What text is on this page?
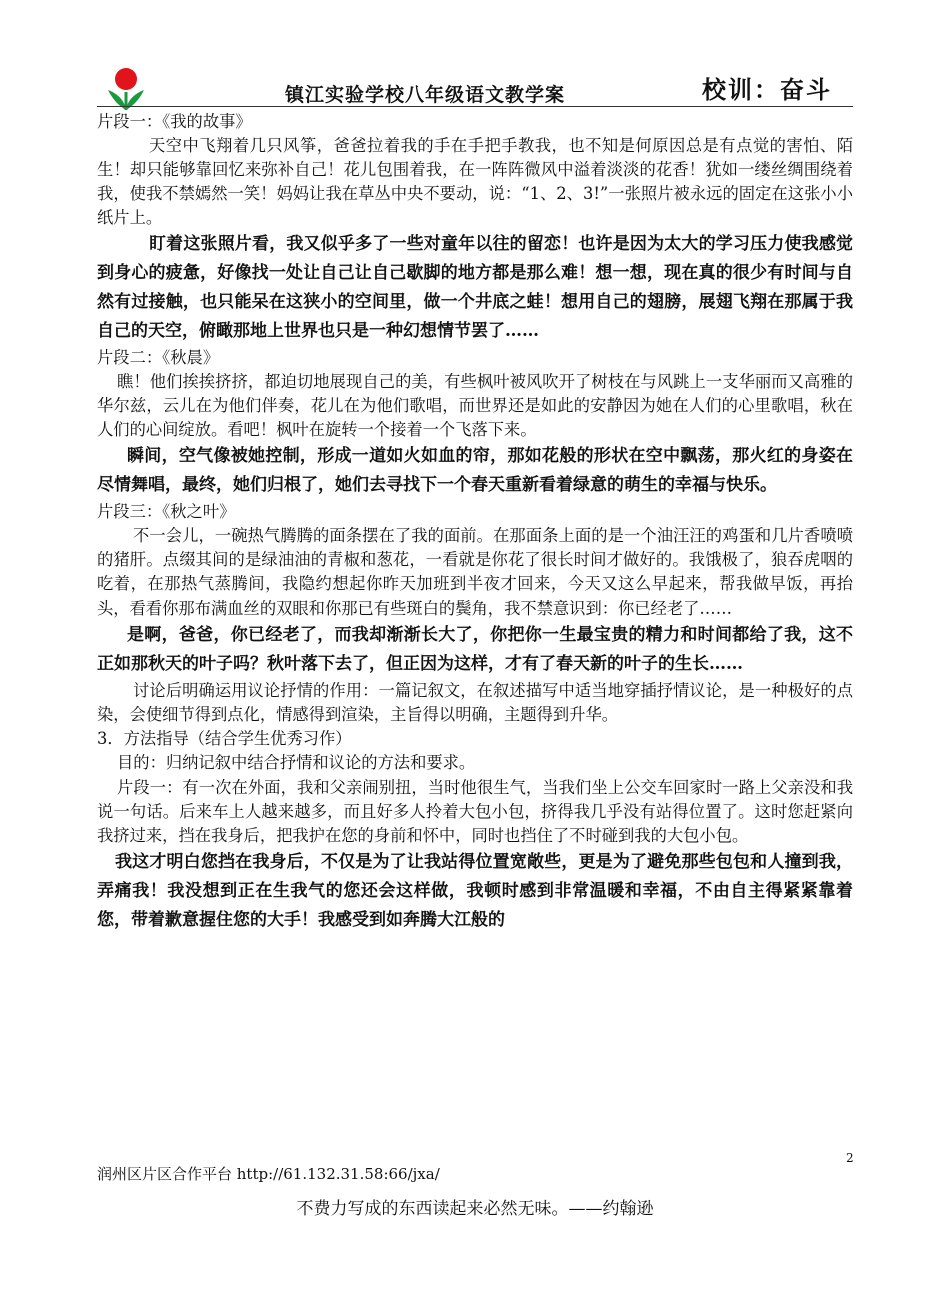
镇江实验学校八年级语文教学案	校训：奋斗

片段一：《我的故事》

天空中飞翔着几只风筝，爸爸拉着我的手在手把手教我，也不知是何原因总是有点觉的害怕、陌生！却只能够靠回忆来弥补自己！花儿包围着我，在一阵阵微风中溢着淡淡的花香！犹如一缕丝绸围绕着我，使我不禁嫣然一笑！妈妈让我在草丛中央不要动，说：“1、2、3!”一张照片被永远的固定在这张小小纸片上。

盯着这张照片看，我又似乎多了一些对童年以往的留恋！也许是因为太大的学习压力使我感觉到身心的疲惫，好像找一处让自己让自己歇脚的地方都是那么难！想一想，现在真的很少有时间与自然有过接触，也只能呆在这狭小的空间里，做一个井底之蛙！想用自己的翅膀，展翅飞翔在那属于我自己的天空，俯瞰那地上世界也只是一种幻想情节罢了……

片段二：《秋晨》

瞧！他们挨挨挤挤，都迫切地展现自己的美，有些枫叶被风吹开了树枝在与风跳上一支华丽而又高雅的华尔兹，云儿在为他们伴奏，花儿在为他们歌唱，而世界还是如此的安静因为她在人们的心里歌唱，秋在人们的心间绽放。看吧！枫叶在旋转一个接着一个飞落下来。

瞬间，空气像被她控制，形成一道如火如血的帘，那如花般的形状在空中飘荡，那火红的身姿在尽情舞唱，最终，她们归根了，她们去寻找下一个春天重新看着绿意的萌生的幸福与快乐。

片段三：《秋之叶》

不一会儿，一碗热气腾腾的面条摆在了我的面前。在那面条上面的是一个油汪汪的鸡蛋和几片香喷喷的猪肝。点缀其间的是绿油油的青椒和葱花，一看就是你花了很长时间才做好的。我饿极了，狼吞虎咽的吃着，在那热气蒸腾间，我隐约想起你昨天加班到半夜才回来，今天又这么早起来，帮我做早饭，再抬头，看看你那布满血丝的双眼和你那已有些斑白的鬓角，我不禁意识到：你已经老了……

是啊，爸爸，你已经老了，而我却渐渐长大了，你把你一生最宝贵的精力和时间都给了我，这不正如那秋天的叶子吗？秋叶落下去了，但正因为这样，才有了春天新的叶子的生长……

讨论后明确运用议论抒情的作用：一篇记叙文，在叙述描写中适当地穿插抒情议论，是一种极好的点染，会使细节得到点化，情感得到渲染，主旨得以明确，主题得到升华。

3．方法指导（结合学生优秀习作）

目的：归纳记叙中结合抒情和议论的方法和要求。

片段一：有一次在外面，我和父亲闹别扭，当时他很生气，当我们坐上公交车回家时一路上父亲没和我说一句话。后来车上人越来越多，而且好多人拎着大包小包，挤得我几乎没有站得位置了。这时您赶紧向我挤过来，挡在我身后，把我护在您的身前和怀中，同时也挡住了不时碰到我的大包小包。

我这才明白您挡在我身后，不仅是为了让我站得位置宽敞些，更是为了避免那些包包和人撞到我，弄痛我！我没想到正在生我气的您还会这样做，我顿时感到非常温暖和幸福，不由自主得紧紧靠着您，带着歉意握住您的大手！我感受到如奔腾大江般的

润州区片区合作平台 http://61.132.31.58:66/jxa/
2
不费力写成的东西读起来必然无味。——约翰逊
